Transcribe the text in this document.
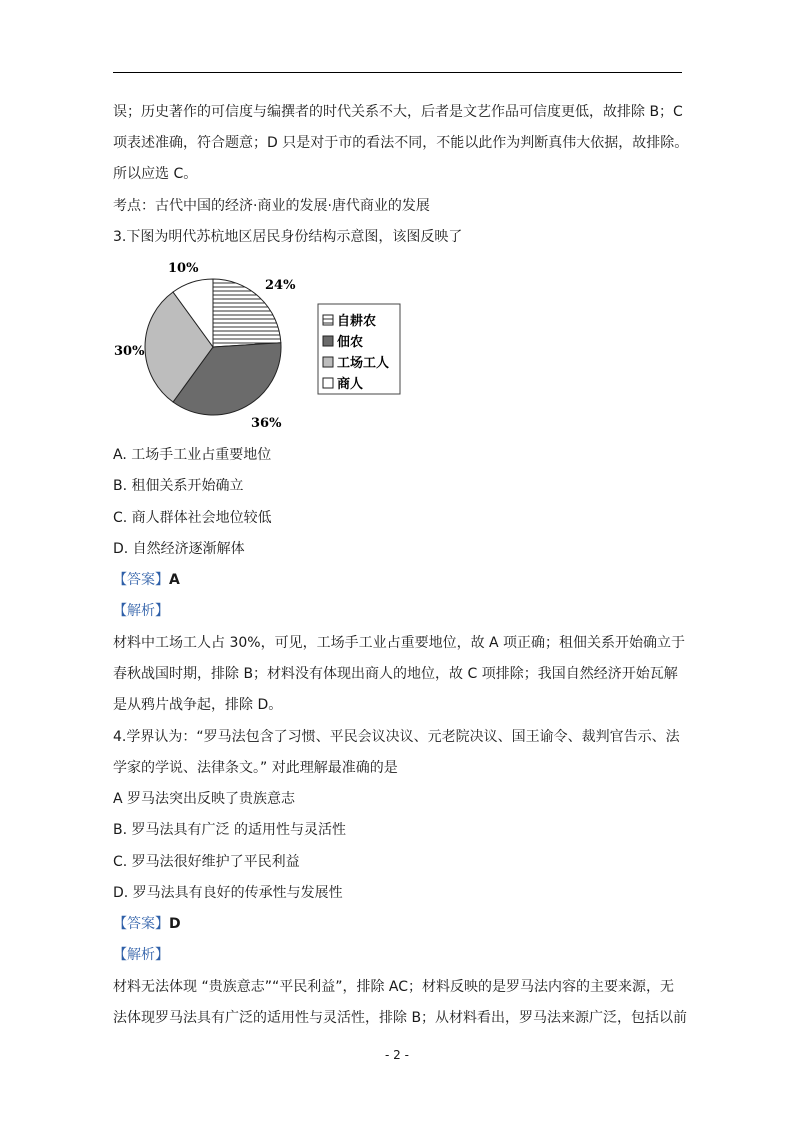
误；历史著作的可信度与编撰者的时代关系不大，后者是文艺作品可信度更低，故排除 B；C
项表述准确，符合题意；D 只是对于市的看法不同，不能以此作为判断真伟大依据，故排除。
所以应选 C。
考点：古代中国的经济·商业的发展·唐代商业的发展
3.下图为明代苏杭地区居民身份结构示意图，该图反映了
24%
36%
30%
10%
自耕农
佃农
工场工人
商人
A. 工场手工业占重要地位
B. 租佃关系开始确立
C. 商人群体社会地位较低
D. 自然经济逐渐解体
【答案】A
【解析】
材料中工场工人占 30%，可见，工场手工业占重要地位，故 A 项正确；租佃关系开始确立于
春秋战国时期，排除 B；材料没有体现出商人的地位，故 C 项排除；我国自然经济开始瓦解
是从鸦片战争起，排除 D。
4.学界认为：“罗马法包含了习惯、平民会议决议、元老院决议、国王谕令、裁判官告示、法
学家的学说、法律条文。” 对此理解最准确的是
A 罗马法突出反映了贵族意志
B. 罗马法具有广泛 的适用性与灵活性
C. 罗马法很好维护了平民利益
D. 罗马法具有良好的传承性与发展性
【答案】D
【解析】
材料无法体现 “贵族意志”“平民利益”，排除 AC；材料反映的是罗马法内容的主要来源，无
法体现罗马法具有广泛的适用性与灵活性，排除 B；从材料看出，罗马法来源广泛，包括以前
- 2 -
